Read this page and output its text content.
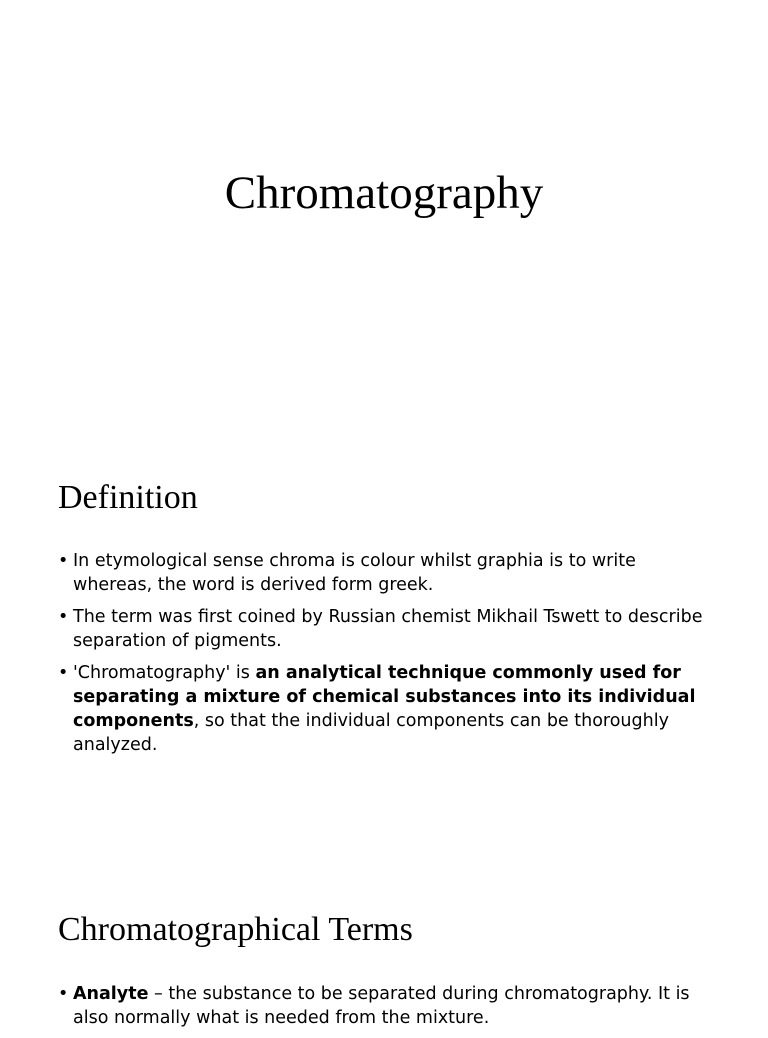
Chromatography
Definition
• In etymological sense chroma is colour whilst graphia is to write whereas, the word is derived form greek.
• The term was first coined by Russian chemist Mikhail Tswett to describe separation of pigments.
• 'Chromatography' is an analytical technique commonly used for separating a mixture of chemical substances into its individual components, so that the individual components can be thoroughly analyzed.
Chromatographical Terms
• Analyte – the substance to be separated during chromatography. It is also normally what is needed from the mixture.
